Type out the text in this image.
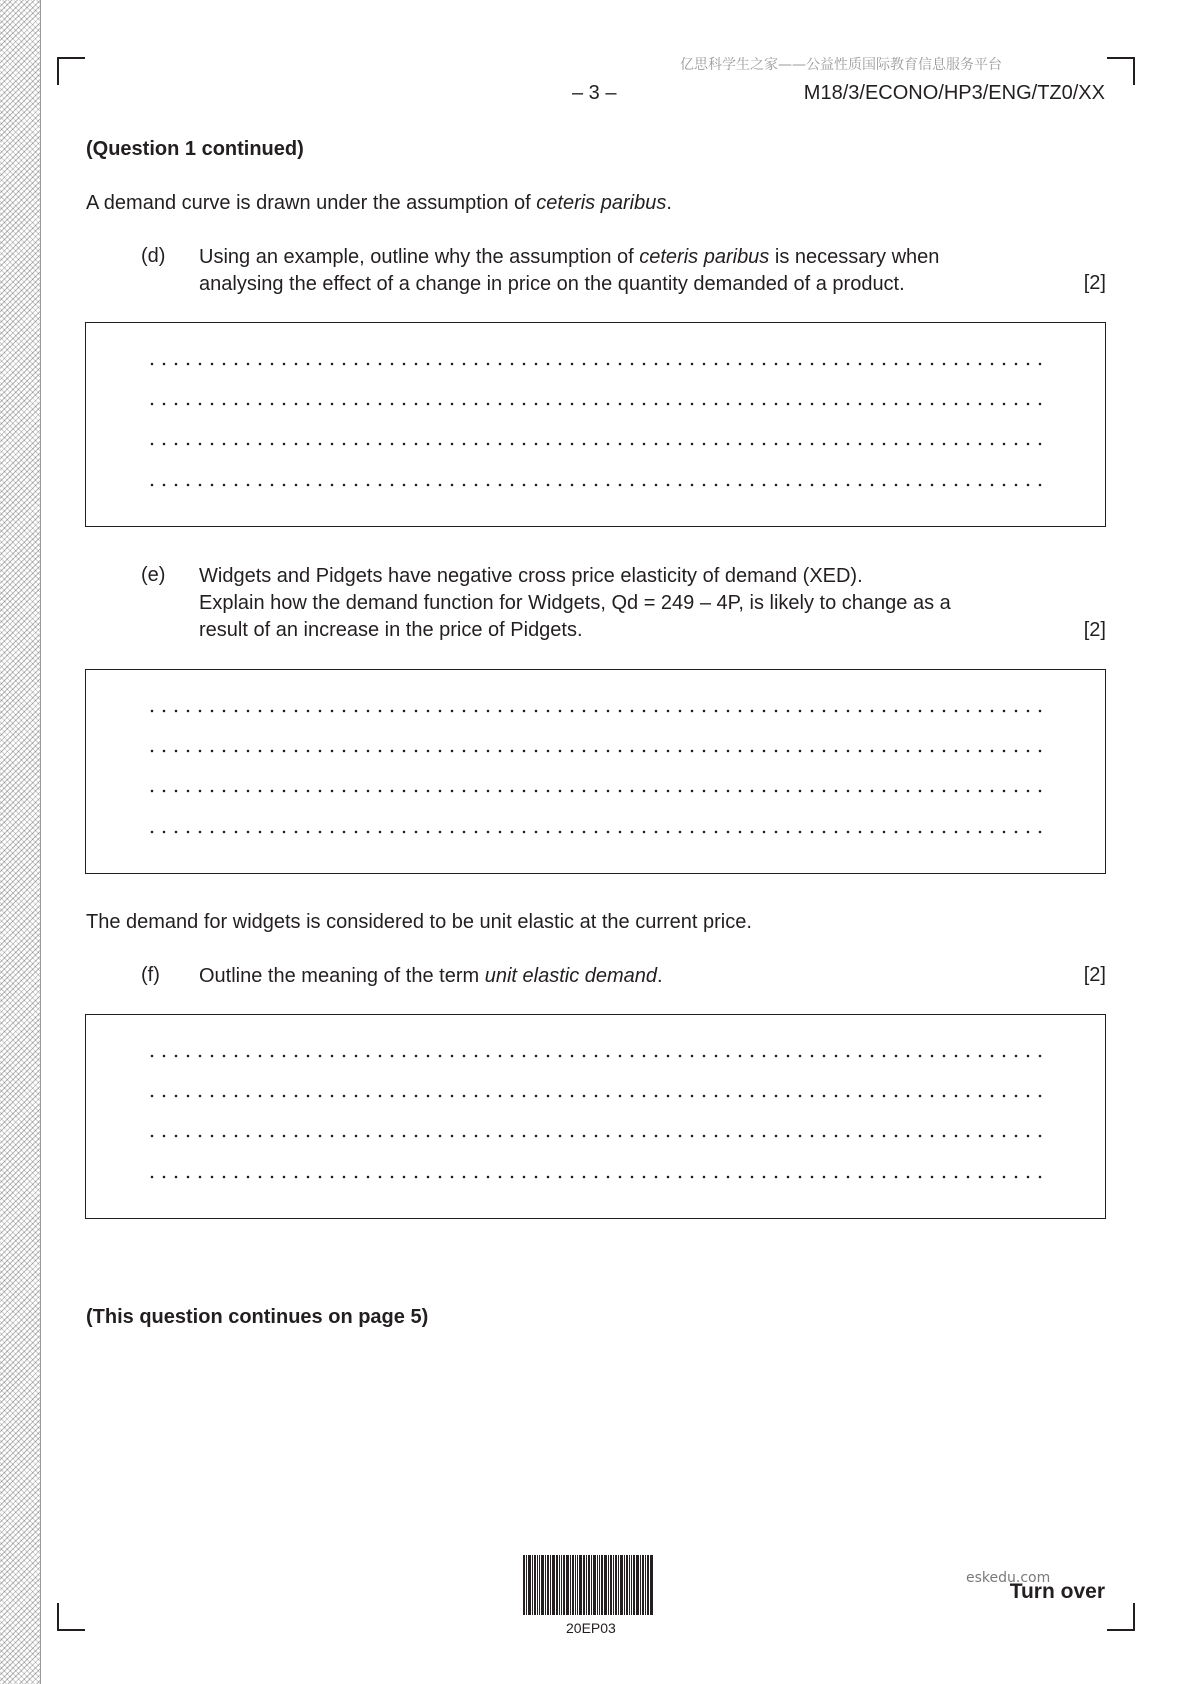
亿思科学生之家——公益性质国际教育信息服务平台
– 3 –	M18/3/ECONO/HP3/ENG/TZ0/XX
(Question 1 continued)
A demand curve is drawn under the assumption of ceteris paribus.
(d) Using an example, outline why the assumption of ceteris paribus is necessary when
analysing the effect of a change in price on the quantity demanded of a product.	[2]
(e) Widgets and Pidgets have negative cross price elasticity of demand (XED).
Explain how the demand function for Widgets, Qd = 249 – 4P, is likely to change as a
result of an increase in the price of Pidgets.	[2]
The demand for widgets is considered to be unit elastic at the current price.
(f) Outline the meaning of the term unit elastic demand.	[2]
(This question continues on page 5)
20EP03
eskedu.com
Turn over
